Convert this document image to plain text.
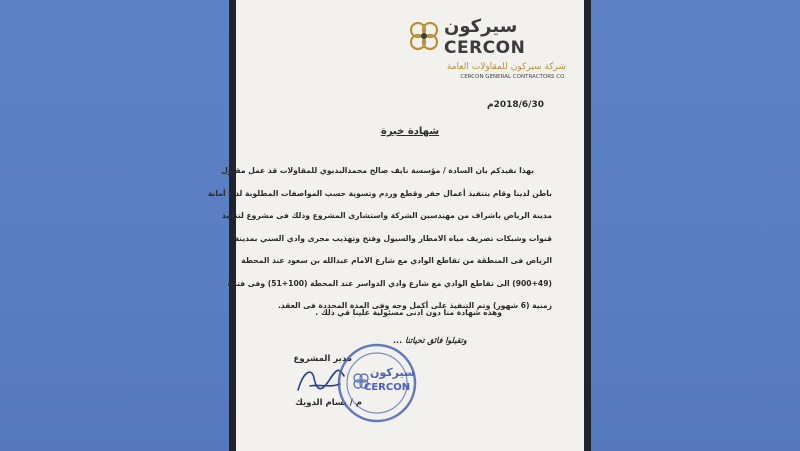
سيركون
CERCON
شركة سيركون للمقاولات العامة
CERCON GENERAL CONTRACTORS CO.
2018/6/30م
شهادة خبرة

بهذا نفيدكم بان السادة / مؤسسة نايف صالح محمدالبديوي للمقاولات قد عمل مقاول

باطن لدينا وقام بتنفيذ أعمال حفر وقطع وردم وتسوية حسب المواصفات المطلوبة لدى أمانة

مدينة الرياض باشراف من مهندسين الشركة واستشارى المشروع وذلك فى مشروع لتنفيذ

قنوات وشبكات تصريف مياه الامطار والسيول وفتح وتهذيب مجرى وادي السني بمدينة

الرياض فى المنطقة من تقاطع الوادي مع شارع الامام عبدالله بن سعود عند المحطة

(900+49) الى تقاطع الوادي مع شارع وادي الدواسر عند المحطة (100+51) وفى فترة

زمنية (6 شهور) وتم التنفيذ على أكمل وجه وفى المدة المحددة فى العقد.

وهذه شهادة منا دون ادنى مسئولية علينا في ذلك .
وتقبلوا فائق تحياتنا ...
مدير المشروع
م / بسام الدويك
سيركون
CERCON
